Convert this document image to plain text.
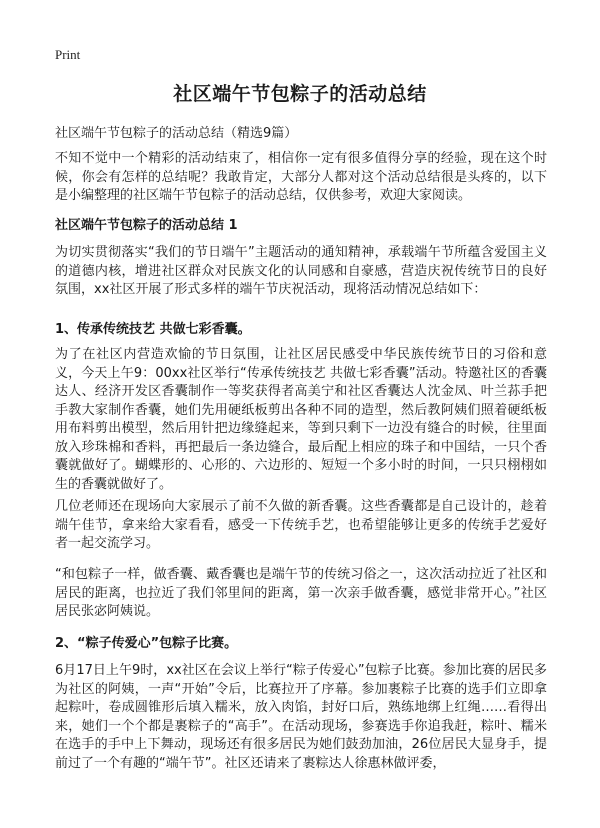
Print
社区端午节包粽子的活动总结
社区端午节包粽子的活动总结（精选9篇）

不知不觉中一个精彩的活动结束了，相信你一定有很多值得分享的经验，现在这个时候，你会有怎样的总结呢？我敢肯定，大部分人都对这个活动总结很是头疼的，以下是小编整理的社区端午节包粽子的活动总结，仅供参考，欢迎大家阅读。

社区端午节包粽子的活动总结 1

为切实贯彻落实“我们的节日端午”主题活动的通知精神，承载端午节所蕴含爱国主义的道德内核，增进社区群众对民族文化的认同感和自豪感，营造庆祝传统节日的良好氛围，xx社区开展了形式多样的端午节庆祝活动，现将活动情况总结如下：

1、传承传统技艺 共做七彩香囊。

为了在社区内营造欢愉的节日氛围，让社区居民感受中华民族传统节日的习俗和意义，今天上午9：00xx社区举行“传承传统技艺 共做七彩香囊”活动。特邀社区的香囊达人、经济开发区香囊制作一等奖获得者高美宁和社区香囊达人沈金凤、叶兰荪手把手教大家制作香囊，她们先用硬纸板剪出各种不同的造型，然后教阿姨们照着硬纸板用布料剪出模型，然后用针把边缘缝起来，等到只剩下一边没有缝合的时候，往里面放入珍珠棉和香料，再把最后一条边缝合，最后配上相应的珠子和中国结，一只个香囊就做好了。蝴蝶形的、心形的、六边形的、短短一个多小时的时间，一只只栩栩如生的香囊就做好了。

几位老师还在现场向大家展示了前不久做的新香囊。这些香囊都是自己设计的，趁着端午佳节，拿来给大家看看，感受一下传统手艺，也希望能够让更多的传统手艺爱好者一起交流学习。

“和包粽子一样，做香囊、戴香囊也是端午节的传统习俗之一，这次活动拉近了社区和居民的距离，也拉近了我们邻里间的距离，第一次亲手做香囊，感觉非常开心。”社区居民张宓阿姨说。

2、“粽子传爱心”包粽子比赛。

6月17日上午9时，xx社区在会议上举行“粽子传爱心”包粽子比赛。参加比赛的居民多为社区的阿姨，一声“开始”令后，比赛拉开了序幕。参加裹粽子比赛的选手们立即拿起粽叶，卷成圆锥形后填入糯米，放入肉馅，封好口后，熟练地绑上红绳……看得出来，她们一个个都是裹粽子的“高手”。在活动现场，参赛选手你追我赶，粽叶、糯米在选手的手中上下舞动，现场还有很多居民为她们鼓劲加油，26位居民大显身手，提前过了一个有趣的“端午节”。社区还请来了裹粽达人徐惠林做评委，
